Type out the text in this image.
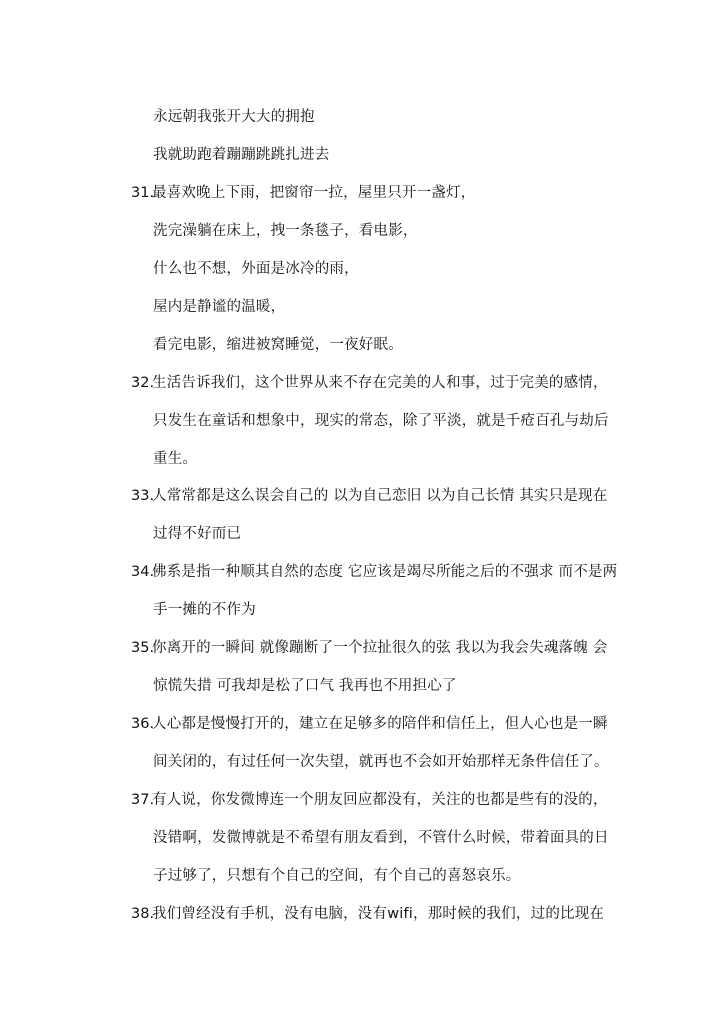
永远朝我张开大大的拥抱
我就助跑着蹦蹦跳跳扎进去
31.
最喜欢晚上下雨，把窗帘一拉，屋里只开一盏灯，
洗完澡躺在床上，拽一条毯子，看电影，
什么也不想，外面是冰冷的雨，
屋内是静谧的温暖，
看完电影，缩进被窝睡觉，一夜好眠。
32.
生活告诉我们，这个世界从来不存在完美的人和事，过于完美的感情，
只发生在童话和想象中，现实的常态，除了平淡，就是千疮百孔与劫后
重生。
33.
人常常都是这么误会自己的 以为自己恋旧 以为自己长情 其实只是现在
过得不好而已
34.
佛系是指一种顺其自然的态度 它应该是竭尽所能之后的不强求 而不是两
手一摊的不作为
35.
你离开的一瞬间 就像蹦断了一个拉扯很久的弦 我以为我会失魂落魄 会
惊慌失措 可我却是松了口气 我再也不用担心了
36.
人心都是慢慢打开的，建立在足够多的陪伴和信任上，但人心也是一瞬
间关闭的，有过任何一次失望，就再也不会如开始那样无条件信任了。
37.
有人说，你发微博连一个朋友回应都没有，关注的也都是些有的没的，
没错啊，发微博就是不希望有朋友看到，不管什么时候，带着面具的日
子过够了，只想有个自己的空间，有个自己的喜怒哀乐。
38.
我们曾经没有手机，没有电脑，没有wifi，那时候的我们，过的比现在
